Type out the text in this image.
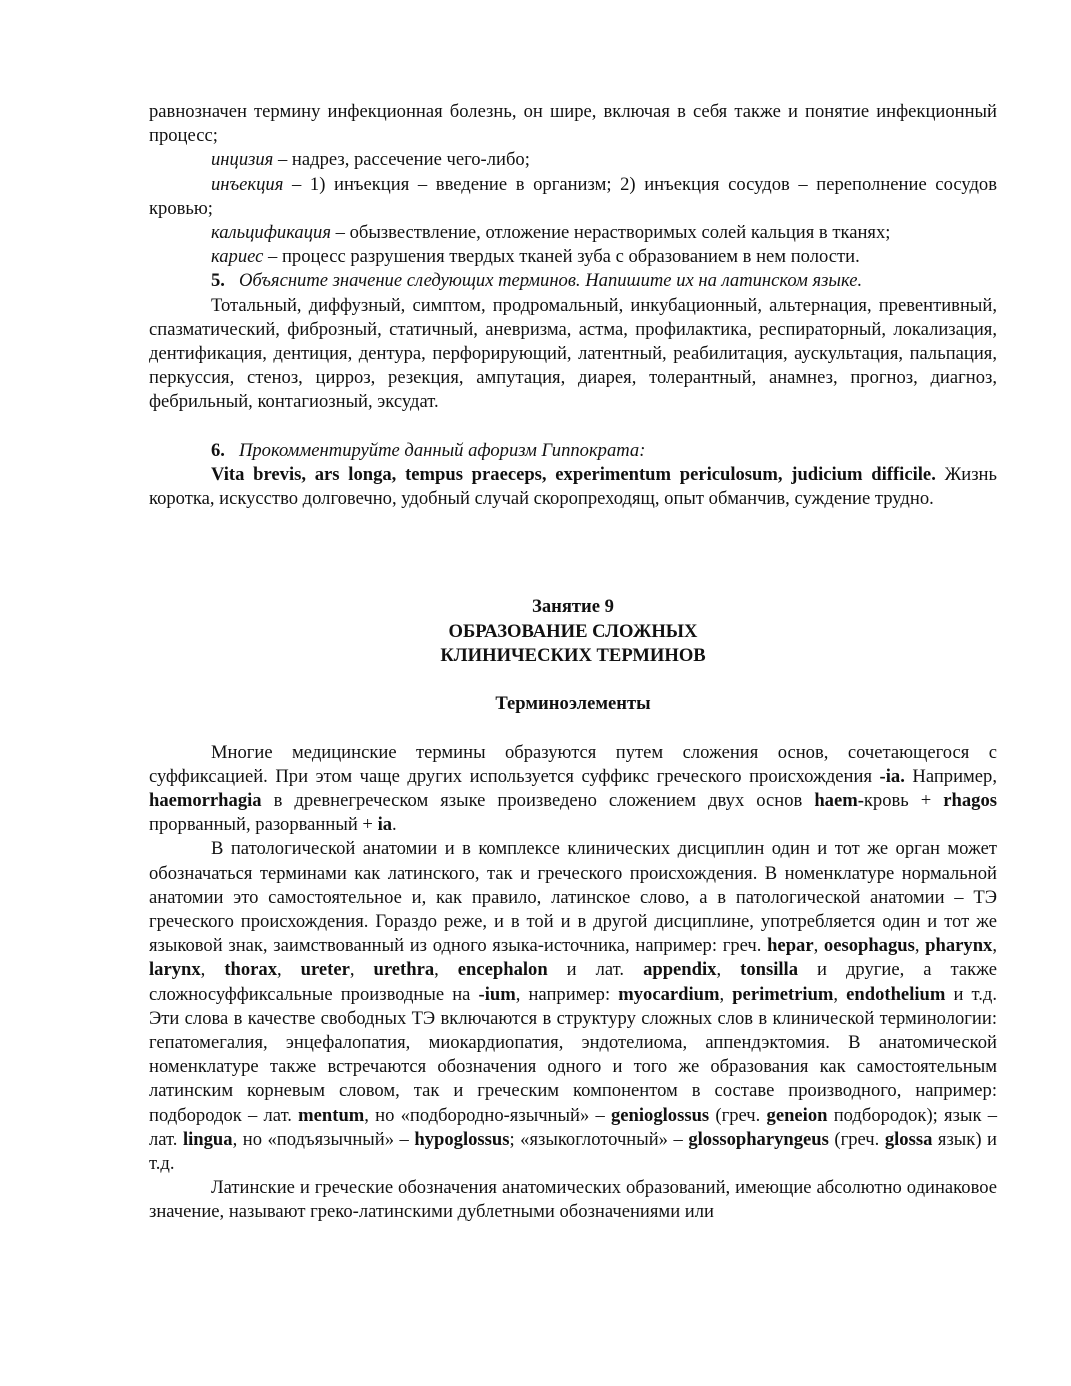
равнозначен термину инфекционная болезнь, он шире, включая в себя также и понятие инфекционный процесс;

инцизия – надрез, рассечение чего-либо;

инъекция – 1) инъекция – введение в организм; 2) инъекция сосудов – переполнение сосудов кровью;

кальцификация – обызвествление, отложение нерастворимых солей кальция в тканях;

кариес – процесс разрушения твердых тканей зуба с образованием в нем полости.

5. Объясните значение следующих терминов. Напишите их на латинском языке.

Тотальный, диффузный, симптом, продромальный, инкубационный, альтернация, превентивный, спазматический, фиброзный, статичный, аневризма, астма, профилактика, респираторный, локализация, дентификация, дентиция, дентура, перфорирующий, латентный, реабилитация, аускультация, пальпация, перкуссия, стеноз, цирроз, резекция, ампутация, диарея, толерантный, анамнез, прогноз, диагноз, фебрильный, контагиозный, эксудат.

6. Прокомментируйте данный афоризм Гиппократа:

Vita brevis, ars longa, tempus praeceps, experimentum periculosum, judicium difficile. Жизнь коротка, искусство долговечно, удобный случай скоропреходящ, опыт обманчив, суждение трудно.

Занятие 9

ОБРАЗОВАНИЕ СЛОЖНЫХ

КЛИНИЧЕСКИХ ТЕРМИНОВ

Терминоэлементы

Многие медицинские термины образуются путем сложения основ, сочетающегося с суффиксацией. При этом чаще других используется суффикс греческого происхождения -ia. Например, haemorrhagia в древнегреческом языке произведено сложением двух основ haem-кровь + rhagos прорванный, разорванный + ia.

В патологической анатомии и в комплексе клинических дисциплин один и тот же орган может обозначаться терминами как латинского, так и греческого происхождения. В номенклатуре нормальной анатомии это самостоятельное и, как правило, латинское слово, а в патологической анатомии – ТЭ греческого происхождения. Гораздо реже, и в той и в другой дисциплине, употребляется один и тот же языковой знак, заимствованный из одного языка-источника, например: греч. hepar, oesophagus, pharynx, larynx, thorax, ureter, urethra, encephalon и лат. appendix, tonsilla и другие, а также сложносуффиксальные производные на -ium, например: myocardium, perimetrium, endothelium и т.д. Эти слова в качестве свободных ТЭ включаются в структуру сложных слов в клинической терминологии: гепатомегалия, энцефалопатия, миокардиопатия, эндотелиома, аппендэктомия. В анатомической номенклатуре также встречаются обозначения одного и того же образования как самостоятельным латинским корневым словом, так и греческим компонентом в составе производного, например: подбородок – лат. mentum, но «подбородно-язычный» – genioglossus (греч. geneion подбородок); язык – лат. lingua, но «подъязычный» – hypoglossus; «языкоглоточный» – glossopharyngeus (греч. glossa язык) и т.д.

Латинские и греческие обозначения анатомических образований, имеющие абсолютно одинаковое значение, называют греко-латинскими дублетными обозначениями или
